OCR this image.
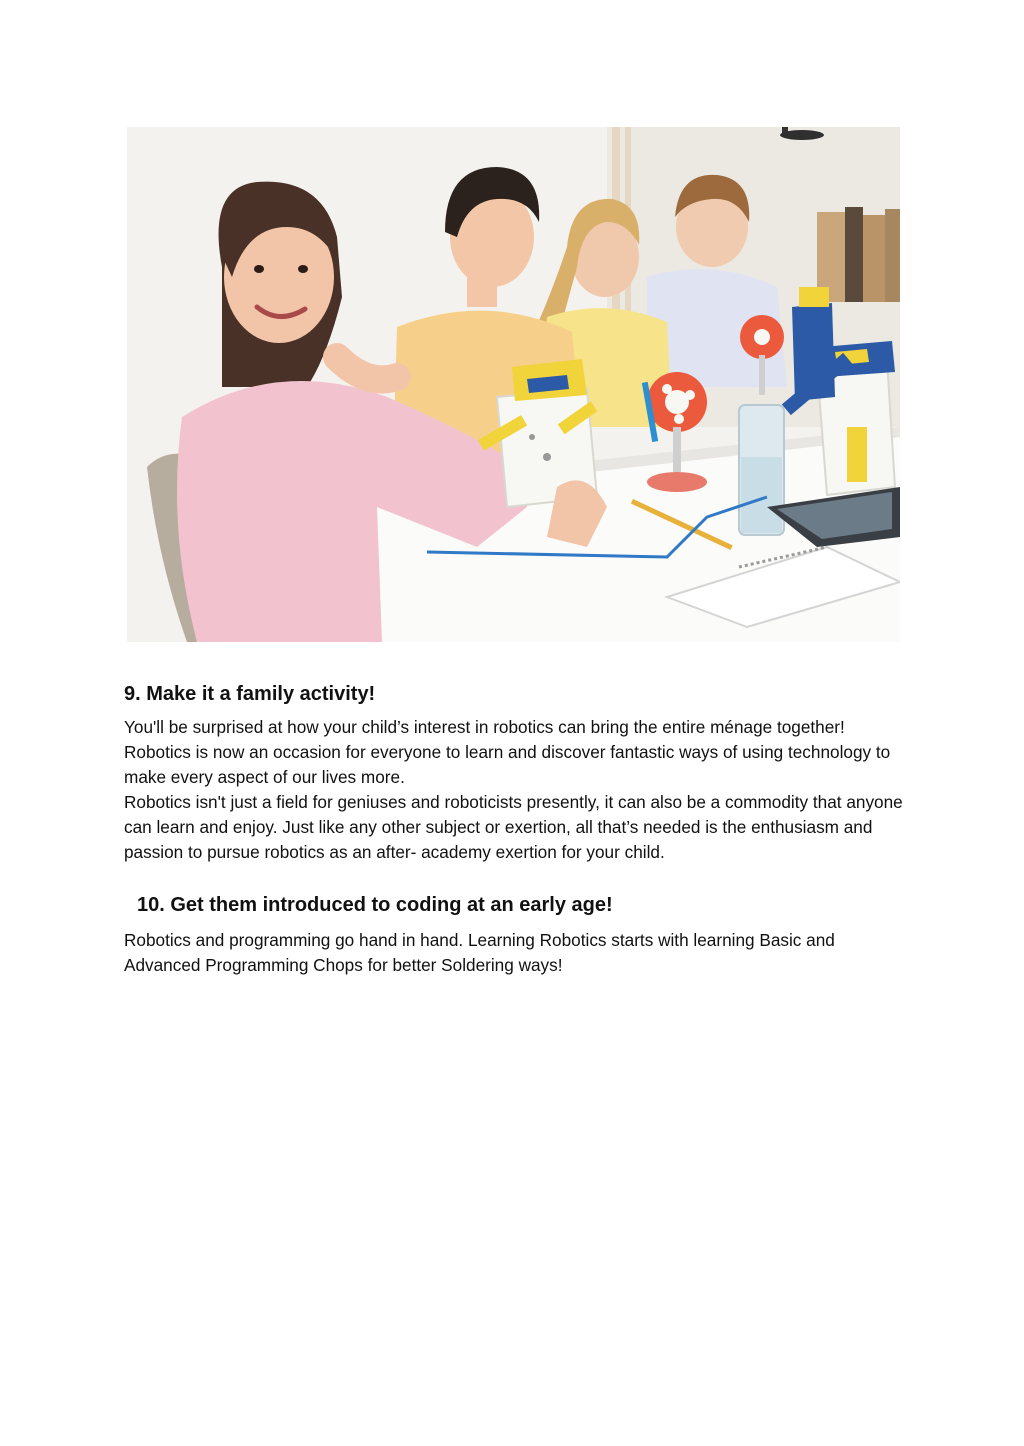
9. Make it a family activity!

You'll be surprised at how your child’s interest in robotics can bring the entire ménage together! Robotics is now an occasion for everyone to learn and discover fantastic ways of using technology to make every aspect of our lives more.

Robotics isn't just a field for geniuses and roboticists presently, it can also be a commodity that anyone can learn and enjoy. Just like any other subject or exertion, all that’s needed is the enthusiasm and passion to pursue robotics as an after- academy exertion for your child.

10. Get them introduced to coding at an early age!

Robotics and programming go hand in hand. Learning Robotics starts with learning Basic and Advanced Programming Chops for better Soldering ways!
